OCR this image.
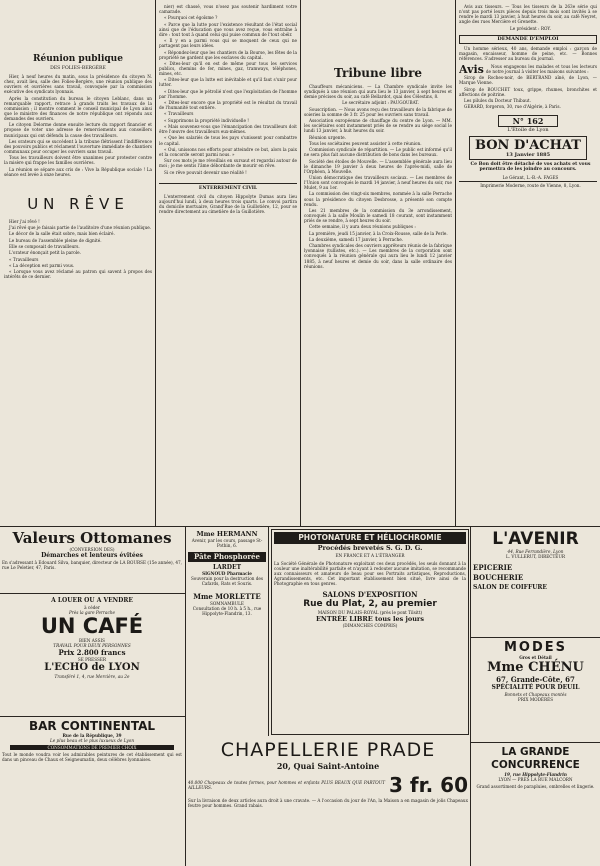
Réunion publique
DES FOLIES-BERGÈRE

Hier, à neuf heures du matin, sous la présidence du citoyen N. chez, avait lieu, salle des Folies-Bergère, une réunion publique des ouvriers et ouvrières sans travail, convoquée par la commission exécutive des syndicats lyonnais.

Après la constitution du bureau le citoyen Leblanc, dans un remarquable rapport, retrace à grands traits les travaux de la commission ; il montre comment le conseil municipal de Lyon ainsi que le ministre des finances de notre république ont répondu aux demandes des ouvriers.

Le citoyen Delorme donne ensuite lecture du rapport financier et propose de voter une adresse de remerciements aux conseillers municipaux qui ont défendu la cause des travailleurs.

Les orateurs qui se succèdent à la tribune flétrissent l'indifférence des pouvoirs publics et réclament l'ouverture immédiate de chantiers communaux pour occuper les ouvriers sans travail.

Tous les travailleurs doivent être unanimes pour protester contre la misère qui frappe les familles ouvrières.

La réunion se sépare aux cris de : Vive la République sociale ! La séance est levée à onze heures.

UN RÊVE

Hier j'ai rêvé !

J'ai rêvé que je faisais partie de l'auditoire d'une réunion publique.

Le décor de la salle était sobre, mais bien éclairé.

Le bureau de l'assemblée pleine de dignité.

Elle se composait de travailleurs.

L'orateur énonçait petit la parole.

« Travailleurs

« La déception est parmi vous.

« Lorsque vous avez réclamé au patron qui savent à propos des intérêts de ce dernier.

nier) est chassé, vous n'osez pas soutenir hardiment votre camarade.

« Pourquoi cet égoïsme ?

« Parce que la lutte pour l'existence résultant de l'état social ainsi que de l'éducation que vous avez reçue, vous entraîne à dire : tout tout à quand celui qui puise commun de l'tout obéir.

« Il y en a parmi vous qui se moquent de ceux qui ne partagent pas leurs idées.

« Répondez-leur que les chantiers de la Bourse, les fêtes de la propriété ne gardent que les esclaves du capital.

« Dites-leur qu'il en est de même pour tous les services publics, chemins de fer, mines, gaz, tramways, téléphones, mines, etc.

« Dites-leur que la lutte est inévitable et qu'il faut s'unir pour lutter.

« Dites-leur que le pétrolié n'est que l'exploitation de l'homme par l'homme.

« Dites-leur encore que la propriété est le résultat du travail de l'humanité tout entière.

« Travailleurs

« Supprimons la propriété individuelle !

« Mais souvenez-vous que l'émancipation des travailleurs doit être l'œuvre des travailleurs eux-mêmes.

« Que les salariés de tous les pays s'unissent pour combattre le capital.

« Oui, unissons nos efforts pour atteindre ce but, alors la paix et la concorde seront parmi nous. »

Sur ces mots je me réveillais en sursaut et regardai autour de moi ; je me sentis l'âme débordante de mourir en rêve.

Si ce rêve pouvait devenir une réalité !

ENTERREMENT CIVIL

L'enterrement civil du citoyen Hippolyte Dumas aura lieu aujourd'hui lundi, à deux heures trois quarts. Le convoi partira du domicile mortuaire, Grand'Rue de la Guillotière, 12, pour se rendre directement au cimetière de la Guillotière.

Tribune libre

Chauffeurs mécaniciens. — La Chambre syndicale invite les syndiqués à une réunion qui aura lieu le 13 janvier, à sept heures et demie précises du soir, au café Bellardot, quai des Célestins, 8.

Le secrétaire adjoint : PAUGOUBAT.

Souscription. — Nous avons reçu des travailleurs de la fabrique de soieries la somme de 3 fr. 25 pour les ouvriers sans travail.

Association européenne de chauffage du centre de Lyon. — MM. les sociétaires sont instamment priés de se rendre au siège social le lundi 13 janvier, à huit heures du soir.

Réunion urgente.

Tous les sociétaires peuvent assister à cette réunion.

Commission syndicale de répartition. — Le public est informé qu'il ne sera plus fait aucune distribution de bons dans les bureaux.

Société des étoiles de Mouvelle. — L'assemblée générale aura lieu le dimanche 19 janvier à deux heures de l'après-midi, salle de l'Orphéon, à Mouvelle.

Union démocratique des travailleurs sociaux. — Les membres de l'Union sont convoqués le mardi 14 janvier, à neuf heures du soir, rue Mulet, 9 au 1er.

La commission des vingt-six membres, nommée à la salle Perrache sous la présidence du citoyen Desbrosse, a présenté son compte rendu.

Les 21 membres de la commission du 3e arrondissement, convoqués à la salle Moulin le samedi 18 courant, sont instamment priés de se rendre, à sept heures du soir.

Cette semaine, il y aura deux réunions publiques :

La première, jeudi 15 janvier, à la Croix-Rousse, salle de la Perle.

La deuxième, samedi 17 janvier, à Perrache.

Chambres syndicales des ouvriers apprêteurs réunis de la fabrique lyonnaise (tullistes, etc.). — Les membres de la corporation sont convoqués à la réunion générale qui aura lieu le lundi 12 janvier 1885, à neuf heures et demie du soir, dans la salle ordinaire des réunions.

Avis aux tisseurs. — Tous les tisseurs de la 263e série qui n'ont pas porté leurs pièces depuis trois mois sont invités à se rendre le mardi 13 janvier, à huit heures du soir, au café Neyret, angle des rues Mercière et Grenette.

Le président : ROY.

DEMANDE D'EMPLOI

Un homme sérieux, 40 ans, demande emploi : garçon de magasin, encaisseur, homme de peine, etc. — Bonnes références. S'adresser au bureau du journal.

Avis	Nous engageons les malades et tous les lecteurs de notre journal à visiter les maisons suivantes :

Sirop de Roches-noir, de BERTRAND aîné, de Lyon, — Marque Vienne.

Sirop de BOUCHET toux, grippe, rhumes, bronchites et affections de poitrine.

Les pilules du Docteur Thibaut.

GERARD, forgeron, 30, rue d'Algérie, à Paris.

N° 162
L'Etoile de Lyon
BON D'ACHAT
13 Janvier 1885

Ce Bon doit être détaché de vos achats et vous permettra de les joindre au concours.

Le Gérant, L.-B.-A. FAGES

Imprimerie Moderne, route de Vienne, 8, Lyon.

Valeurs Ottomanes
(CONVERSION DES)
Démarches et lenteurs évitées
En s'adressant à Edouard Silva, banquier, directeur de LA BOURSE (15e année), 47, rue Le Peletier, 47, Paris.
A LOUER OU A VENDRE
à céder
Près la gare Perrache
UN CAFÉ
BIEN ASSIS
TRAVAIL POUR DEUX PERSONNES
Prix 2.800 francs
SE PRESSER
L'ECHO de LYON
Transféré 1, 4, rue Mercière, au 2e
BAR CONTINENTAL
Rue de la République, 39
Le plus beau et le plus luxueux de Lyon
CONSOMMATIONS DE PREMIER CHOIX
Tout le monde voudra voir les admirables peintures de cet établissement qui est dans un pinceau de Chaux et Seigneumatin, deux célèbres lyonnaises.
Mme HERMANN
Avenir, par les cours, passage St-Pothin, 6.
Pâte Phosphorée
LARDET
SIGNOUD Pharmacie
Souverain pour la destruction des Cafards, Rats et Souris.
Mme MORLETTE
SOMNAMBULE
Consultation de 10 h. à 5 h., rue Hippolyte-Flandrin, 13.
PHOTONATURE ET HÉLIOCHROMIE
Procédés brevetés S. G. D. G.
EN FRANCE ET A L'ÉTRANGER
La Société Générale de Photonature exploitant ces deux procédés, les seuls donnant à la couleur une inaltérabilité parfaite et n'ayant à redouter aucune imitation, se recommande aux connaisseurs et amateurs de beau pour ses Portraits artistiques, Reproductions, Agrandissements, etc. Cet important établissement bien situé, livre ainsi de la Photographie en tous genres.
SALONS D'EXPOSITION
Rue du Plat, 2, au premier
MAISON DU PALAIS-ROYAL (près le pont Tilsitt)
ENTRÉE LIBRE tous les jours
(DIMANCHES COMPRIS)
CHAPELLERIE PRADE
20, Quai Saint-Antoine
40.000 Chapeaux de toutes formes, pour hommes et enfants PLUS BEAUX QUE PARTOUT AILLEURS.	3 fr. 60
Sur la livraison de deux articles aura droit à une cravate. — A l'occasion du jour de l'An, la Maison a en magasin de jolis Chapeaux feutre pour hommes. Grand rabais.
L'AVENIR
44, Rue Ferrandière, Lyon
L. VULLERUT, DIRECTEUR
EPICERIE
BOUCHERIE
SALON DE COIFFURE
MODES
Gros et Détail
Mme CHÉNU
67, Grande-Côte, 67
SPÉCIALITÉ POUR DEUIL
Bonnets et Chapeaux montés
PRIX MODÉRÉS
LA GRANDE CONCURRENCE
19, rue Hippolyte-Flandrin
LYON — PRÈS LA RUE MALCORN
Grand assortiment de parapluies, ombrelles et lingerie.
